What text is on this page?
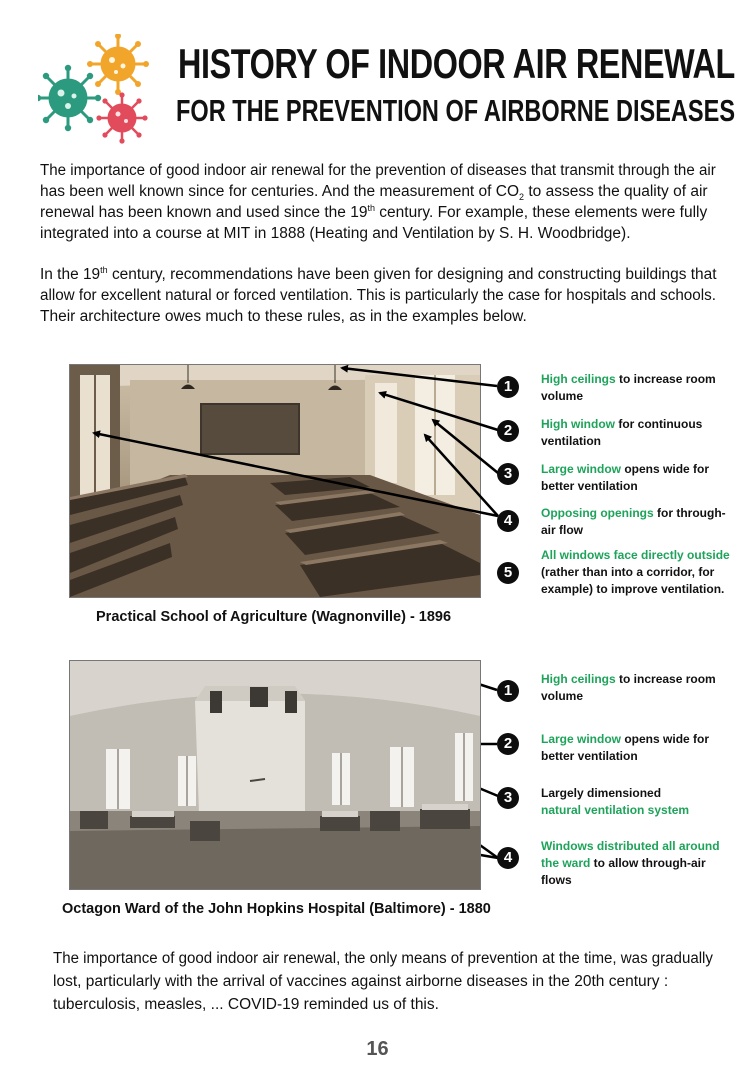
HISTORY OF INDOOR AIR RENEWAL
FOR THE PREVENTION OF AIRBORNE DISEASES
The importance of good indoor air renewal for the prevention of diseases that transmit through the air
has been well known since for centuries. And the measurement of $CO_2$ to assess the quality of air
renewal has been known and used since the 19th century. For example, these elements were fully
integrated into a course at MIT in 1888 (Heating and Ventilation by S. H. Woodbridge).
In the 19th century, recommendations have been given for designing and constructing buildings that
allow for excellent natural or forced ventilation. This is particularly the case for hospitals and schools.
Their architecture owes much to these rules, as in the examples below.
1
2
3
4
5
High ceilings to increase room volume
High window for continuous ventilation
Large window opens wide for better ventilation
Opposing openings for through-air flow
All windows face directly outside (rather than into a corridor, for example) to improve ventilation.
Practical School of Agriculture (Wagnonville) - 1896
1
2
3
4
High ceilings to increase room volume
Large window opens wide for better ventilation
Largely dimensioned
natural ventilation system
Windows distributed all around the ward to allow through-air flows
Octagon Ward of the John Hopkins Hospital (Baltimore) - 1880
The importance of good indoor air renewal, the only means of prevention at the time, was gradually
lost, particularly with the arrival of vaccines against airborne diseases in the 20th century :
tuberculosis, measles, ... COVID-19 reminded us of this.
16
